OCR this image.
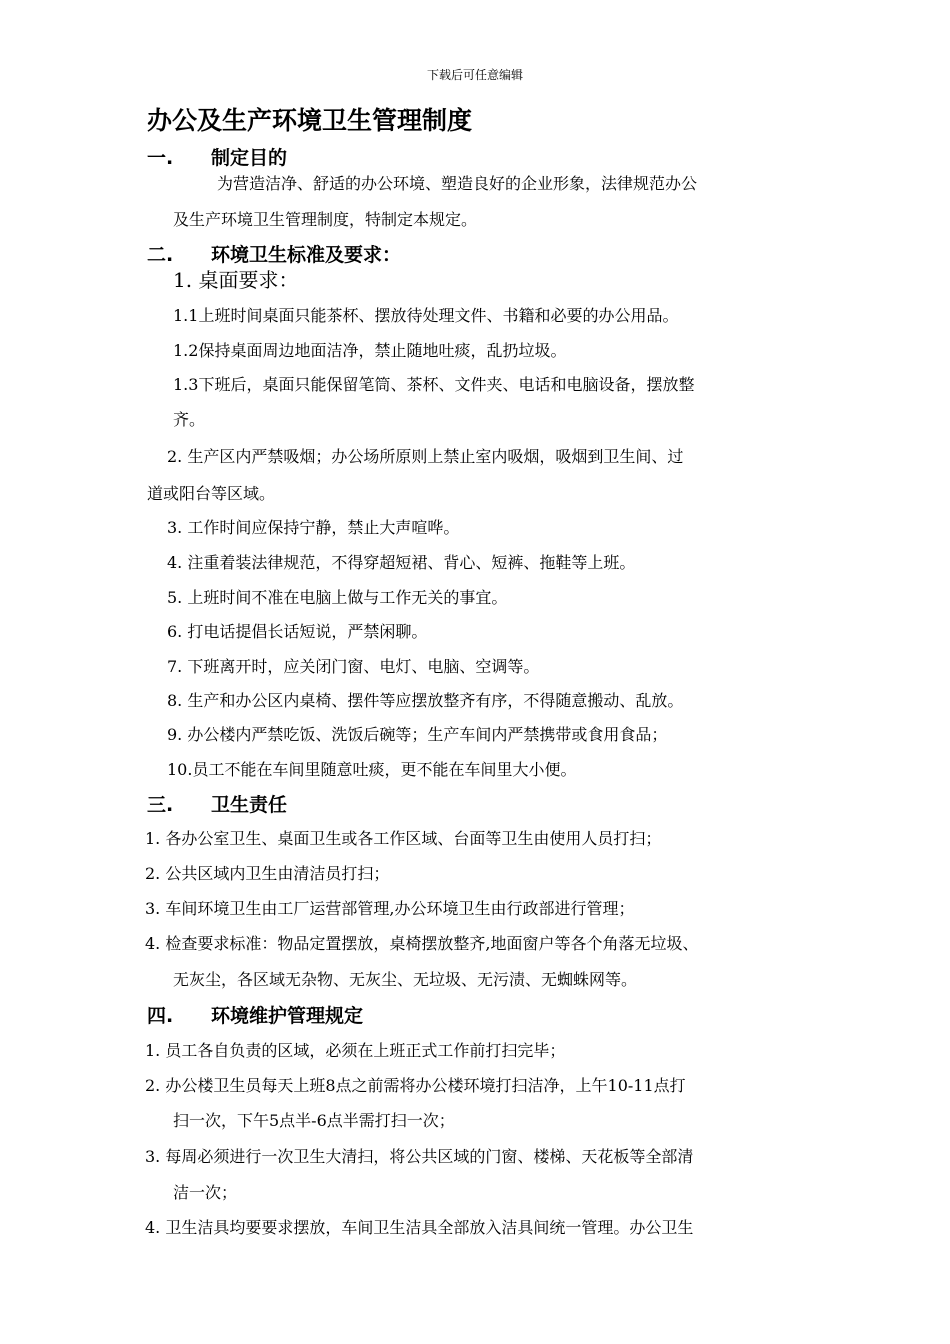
下载后可任意编辑
办公及生产环境卫生管理制度
一. 制定目的
为营造洁净、舒适的办公环境、塑造良好的企业形象，法律规范办公
及生产环境卫生管理制度，特制定本规定。
二. 环境卫生标准及要求：
1. 桌面要求：
1.1上班时间桌面只能茶杯、摆放待处理文件、书籍和必要的办公用品。
1.2保持桌面周边地面洁净，禁止随地吐痰，乱扔垃圾。
1.3下班后，桌面只能保留笔筒、茶杯、文件夹、电话和电脑设备，摆放整
齐。
2. 生产区内严禁吸烟；办公场所原则上禁止室内吸烟，吸烟到卫生间、过
道或阳台等区域。
3. 工作时间应保持宁静，禁止大声喧哗。
4. 注重着装法律规范，不得穿超短裙、背心、短裤、拖鞋等上班。
5. 上班时间不准在电脑上做与工作无关的事宜。
6. 打电话提倡长话短说，严禁闲聊。
7. 下班离开时，应关闭门窗、电灯、电脑、空调等。
8. 生产和办公区内桌椅、摆件等应摆放整齐有序，不得随意搬动、乱放。
9. 办公楼内严禁吃饭、洗饭后碗等；生产车间内严禁携带或食用食品；
10.员工不能在车间里随意吐痰，更不能在车间里大小便。
三. 卫生责任
1. 各办公室卫生、桌面卫生或各工作区域、台面等卫生由使用人员打扫；
2. 公共区域内卫生由清洁员打扫；
3. 车间环境卫生由工厂运营部管理,办公环境卫生由行政部进行管理；
4. 检查要求标准：物品定置摆放，桌椅摆放整齐,地面窗户等各个角落无垃圾、
无灰尘，各区域无杂物、无灰尘、无垃圾、无污渍、无蜘蛛网等。
四. 环境维护管理规定
1. 员工各自负责的区域，必须在上班正式工作前打扫完毕；
2. 办公楼卫生员每天上班8点之前需将办公楼环境打扫洁净，上午10-11点打
扫一次，下午5点半-6点半需打扫一次；
3. 每周必须进行一次卫生大清扫，将公共区域的门窗、楼梯、天花板等全部清
洁一次；
4. 卫生洁具均要要求摆放，车间卫生洁具全部放入洁具间统一管理。办公卫生
